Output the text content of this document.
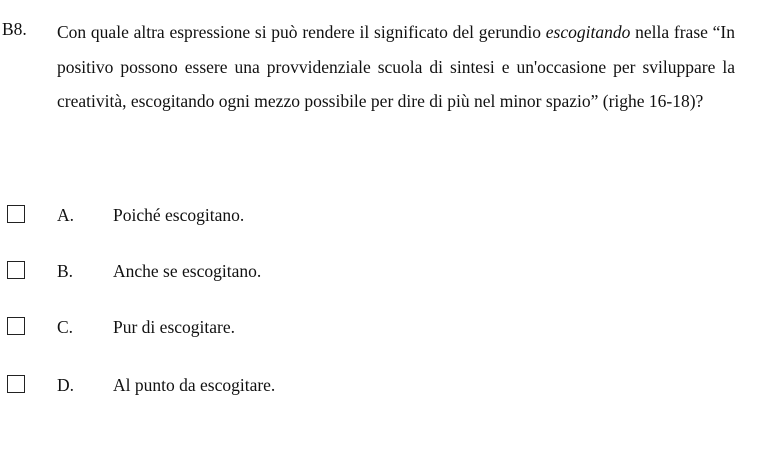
B8. Con quale altra espressione si può rendere il significato del gerundio escogitando nella frase “In positivo possono essere una provvidenziale scuola di sintesi e un'occasione per sviluppare la creatività, escogitando ogni mezzo possibile per dire di più nel minor spazio” (righe 16-18)?
A. Poiché escogitano.
B. Anche se escogitano.
C. Pur di escogitare.
D. Al punto da escogitare.
